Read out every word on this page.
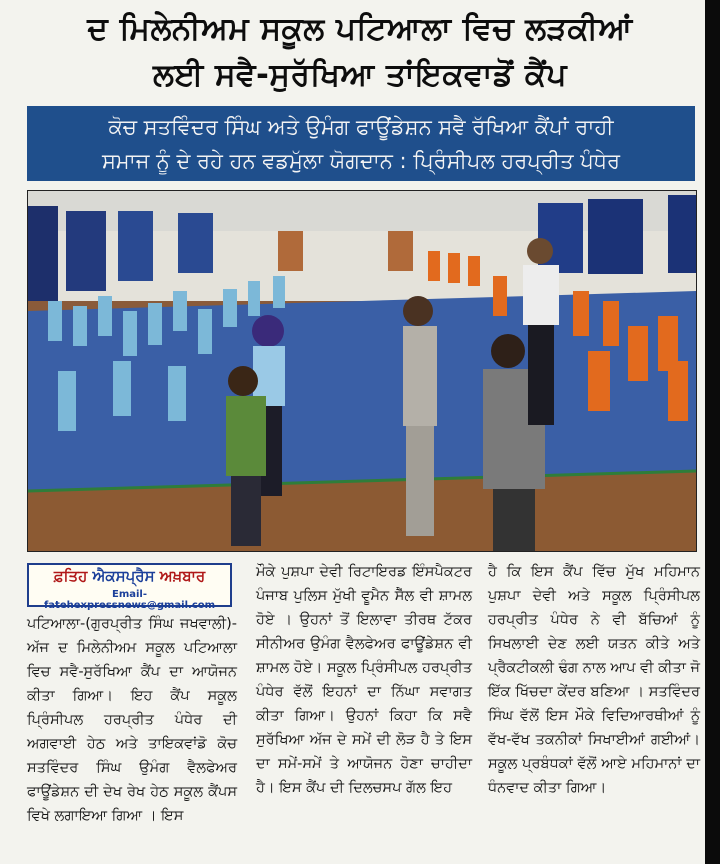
ਦ ਮਿਲੇਨੀਅਮ ਸਕੂਲ ਪਟਿਆਲਾ ਵਿਚ ਲੜਕੀਆਂ
ਲਈ ਸਵੈ-ਸੁਰੱਖਿਆ ਤਾਂਇਕਵਾਡੋਂ ਕੈਂਪ
ਕੋਚ ਸਤਵਿੰਦਰ ਸਿੰਘ ਅਤੇ ਉਮੰਗ ਫਾਊਂਡੇਸ਼ਨ ਸਵੈ ਰੱਖਿਆ ਕੈਂਪਾਂ ਰਾਹੀ
ਸਮਾਜ ਨੂੰ ਦੇ ਰਹੇ ਹਨ ਵਡਮੁੱਲਾ ਯੋਗਦਾਨ : ਪ੍ਰਿੰਸੀਪਲ ਹਰਪ੍ਰੀਤ ਪੰਧੇਰ
ਫ਼ਤਿਹ ਐਕਸਪ੍ਰੈਸ ਅਖ਼ਬਾਰ
Email-fatehexpressnews@gmail.com

ਪਟਿਆਲਾ-(ਗੁਰਪ੍ਰੀਤ ਸਿੰਘ ਜਖਵਾਲੀ)-ਅੱਜ ਦ ਮਿਲੇਨੀਅਮ ਸਕੂਲ ਪਟਿਆਲਾ ਵਿਚ ਸਵੈ-ਸੁਰੱਖਿਆ ਕੈਂਪ ਦਾ ਆਯੋਜਨ ਕੀਤਾ ਗਿਆ। ਇਹ ਕੈਂਪ ਸਕੂਲ ਪ੍ਰਿੰਸੀਪਲ ਹਰਪ੍ਰੀਤ ਪੰਧੇਰ ਦੀ ਅਗਵਾਈ ਹੇਠ ਅਤੇ ਤਾਇਕਵਾਂਡੋ ਕੋਚ ਸਤਵਿੰਦਰ ਸਿੰਘ ਉਮੰਗ ਵੈਲਫੇਅਰ ਫਾਊਂਡੇਸ਼ਨ ਦੀ ਦੇਖ ਰੇਖ ਹੇਠ ਸਕੂਲ ਕੈਂਪਸ ਵਿਖੇ ਲਗਾਇਆ ਗਿਆ । ਇਸ

ਮੌਕੇ ਪੁਸ਼ਪਾ ਦੇਵੀ ਰਿਟਾਇਰਡ ਇੰਸਪੈਕਟਰ ਪੰਜਾਬ ਪੁਲਿਸ ਮੁੱਖੀ ਵੂਮੈਨ ਸੈੱਲ ਵੀ ਸ਼ਾਮਲ ਹੋਏ । ਉਹਨਾਂ ਤੋਂ ਇਲਾਵਾ ਤੀਰਥ ਟੱਕਰ ਸੀਨੀਅਰ ਉਮੰਗ ਵੈਲਫੇਅਰ ਫਾਊਂਡੇਸ਼ਨ ਵੀ ਸ਼ਾਮਲ ਹੋਏ। ਸਕੂਲ ਪ੍ਰਿੰਸੀਪਲ ਹਰਪ੍ਰੀਤ ਪੰਧੇਰ ਵੱਲੋਂ ਇਹਨਾਂ ਦਾ ਨਿੱਘਾ ਸਵਾਗਤ ਕੀਤਾ ਗਿਆ। ਉਹਨਾਂ ਕਿਹਾ ਕਿ ਸਵੈ ਸੁਰੱਖਿਆ ਅੱਜ ਦੇ ਸਮੇਂ ਦੀ ਲੋੜ ਹੈ ਤੇ ਇਸ ਦਾ ਸਮੇਂ-ਸਮੇਂ ਤੇ ਆਯੋਜਨ ਹੋਣਾ ਚਾਹੀਦਾ ਹੈ। ਇਸ ਕੈਂਪ ਦੀ ਦਿਲਚਸਪ ਗੱਲ ਇਹ

ਹੈ ਕਿ ਇਸ ਕੈਂਪ ਵਿੱਚ ਮੁੱਖ ਮਹਿਮਾਨ ਪੁਸ਼ਪਾ ਦੇਵੀ ਅਤੇ ਸਕੂਲ ਪ੍ਰਿੰਸੀਪਲ ਹਰਪ੍ਰੀਤ ਪੰਧੇਰ ਨੇ ਵੀ ਬੱਚਿਆਂ ਨੂੰ ਸਿਖਲਾਈ ਦੇਣ ਲਈ ਯਤਨ ਕੀਤੇ ਅਤੇ ਪ੍ਰੈਕਟੀਕਲੀ ਢੰਗ ਨਾਲ ਆਪ ਵੀ ਕੀਤਾ ਜੋ ਇੱਕ ਖਿੱਚਦਾ ਕੇਂਦਰ ਬਣਿਆ । ਸਤਵਿੰਦਰ ਸਿੰਘ ਵੱਲੋਂ ਇਸ ਮੌਕੇ ਵਿਦਿਆਰਥੀਆਂ ਨੂੰ ਵੱਖ-ਵੱਖ ਤਕਨੀਕਾਂ ਸਿਖਾਈਆਂ ਗਈਆਂ। ਸਕੂਲ ਪ੍ਰਬੰਧਕਾਂ ਵੱਲੋਂ ਆਏ ਮਹਿਮਾਨਾਂ ਦਾ ਧੰਨਵਾਦ ਕੀਤਾ ਗਿਆ।
